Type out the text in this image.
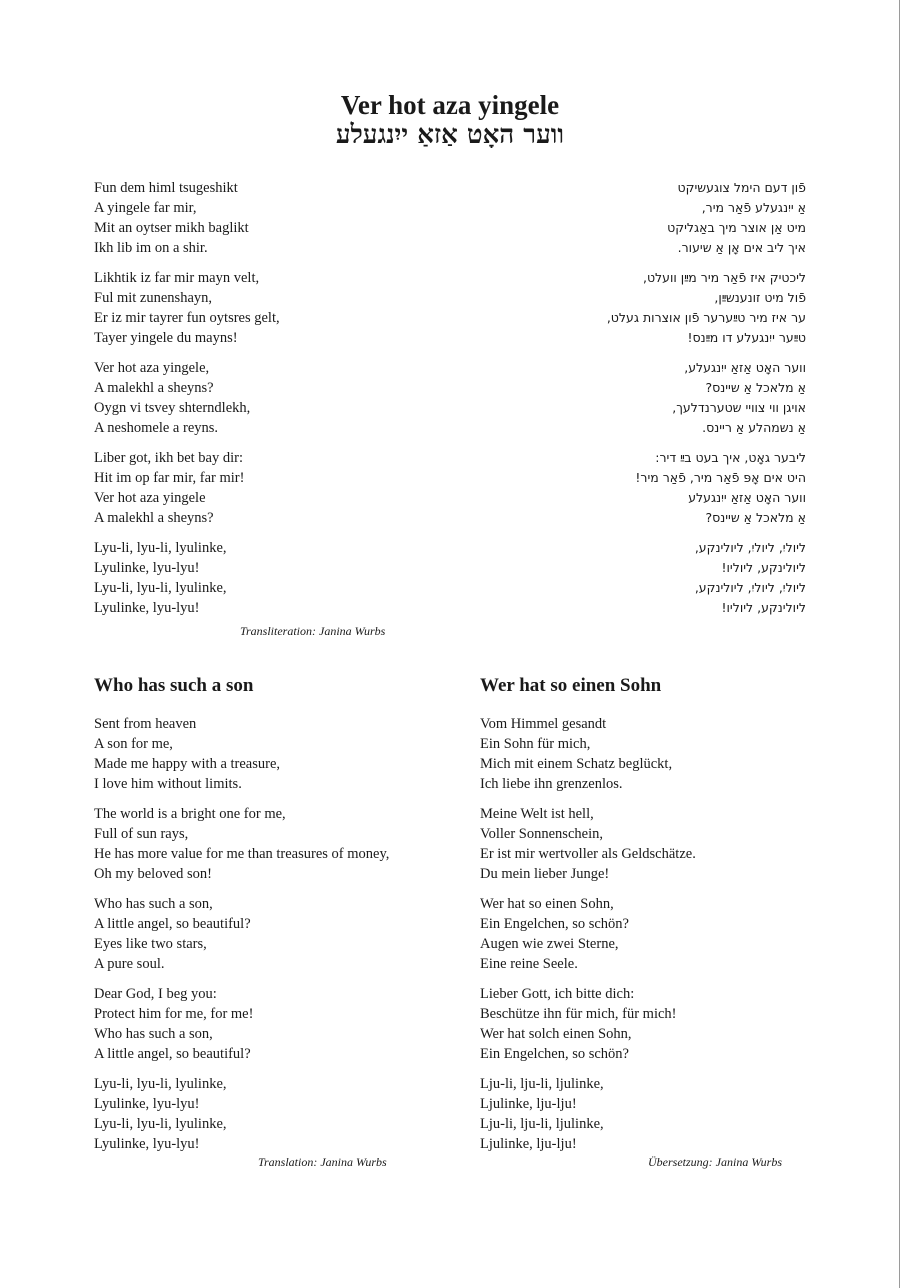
Ver hot aza yingele
ווער האָט אַזאַ ייִנגעלע
Fun dem himl tsugeshikt
A yingele far mir,
Mit an oytser mikh baglikt
Ikh lib im on a shir.
Likhtik iz far mir mayn velt,
Ful mit zunenshayn,
Er iz mir tayrer fun oytsres gelt,
Tayer yingele du mayns!
Ver hot aza yingele,
A malekhl a sheyns?
Oygn vi tsvey shterndlekh,
A neshomele a reyns.
Liber got, ikh bet bay dir:
Hit im op far mir, far mir!
Ver hot aza yingele
A malekhl a sheyns?
Lyu-li, lyu-li, lyulinke,
Lyulinke, lyu-lyu!
Lyu-li, lyu-li, lyulinke,
Lyulinke, lyu-lyu!
פֿון דעם הימל צוגעשיקט
אַ ייִנגעלע פֿאַר מיר,
מיט אַן אוצר מיך באַגליקט
איך ליב אים אָן אַ שיעור.
ליכטיק איז פֿאַר מיר מײַן וועלט,
פֿול מיט זונענשײַן,
ער איז מיר טײַערער פֿון אוצרות געלט,
טײַער ייִנגעלע דו מײַנס!
ווער האָט אַזאַ ייִנגעלע,
אַ מלאכל אַ שיינס?
אויגן ווי צוויי שטערנדלעך,
אַ נשמהלע אַ ריינס.
ליבער גאָט, איך בעט בײַ דיר:
היט אים אָפּ פֿאַר מיר, פֿאַר מיר!
ווער האָט אַזאַ ייִנגעלע
אַ מלאכל אַ שיינס?
ליוליִ, ליוליִ, ליולינקע,
ליולינקע, ליוליו!
ליוליִ, ליוליִ, ליולינקע,
ליולינקע, ליוליו!
Transliteration: Janina Wurbs
Who has such a son	Wer hat so einen Sohn
Sent from heaven
A son for me,
Made me happy with a treasure,
I love him without limits.
The world is a bright one for me,
Full of sun rays,
He has more value for me than treasures of money,
Oh my beloved son!
Who has such a son,
A little angel, so beautiful?
Eyes like two stars,
A pure soul.
Dear God, I beg you:
Protect him for me, for me!
Who has such a son,
A little angel, so beautiful?
Lyu-li, lyu-li, lyulinke,
Lyulinke, lyu-lyu!
Lyu-li, lyu-li, lyulinke,
Lyulinke, lyu-lyu!
Vom Himmel gesandt
Ein Sohn für mich,
Mich mit einem Schatz beglückt,
Ich liebe ihn grenzenlos.
Meine Welt ist hell,
Voller Sonnenschein,
Er ist mir wertvoller als Geldschätze.
Du mein lieber Junge!
Wer hat so einen Sohn,
Ein Engelchen, so schön?
Augen wie zwei Sterne,
Eine reine Seele.
Lieber Gott, ich bitte dich:
Beschütze ihn für mich, für mich!
Wer hat solch einen Sohn,
Ein Engelchen, so schön?
Lju-li, lju-li, ljulinke,
Ljulinke, lju-lju!
Lju-li, lju-li, ljulinke,
Ljulinke, lju-lju!
Translation: Janina Wurbs	Übersetzung: Janina Wurbs
